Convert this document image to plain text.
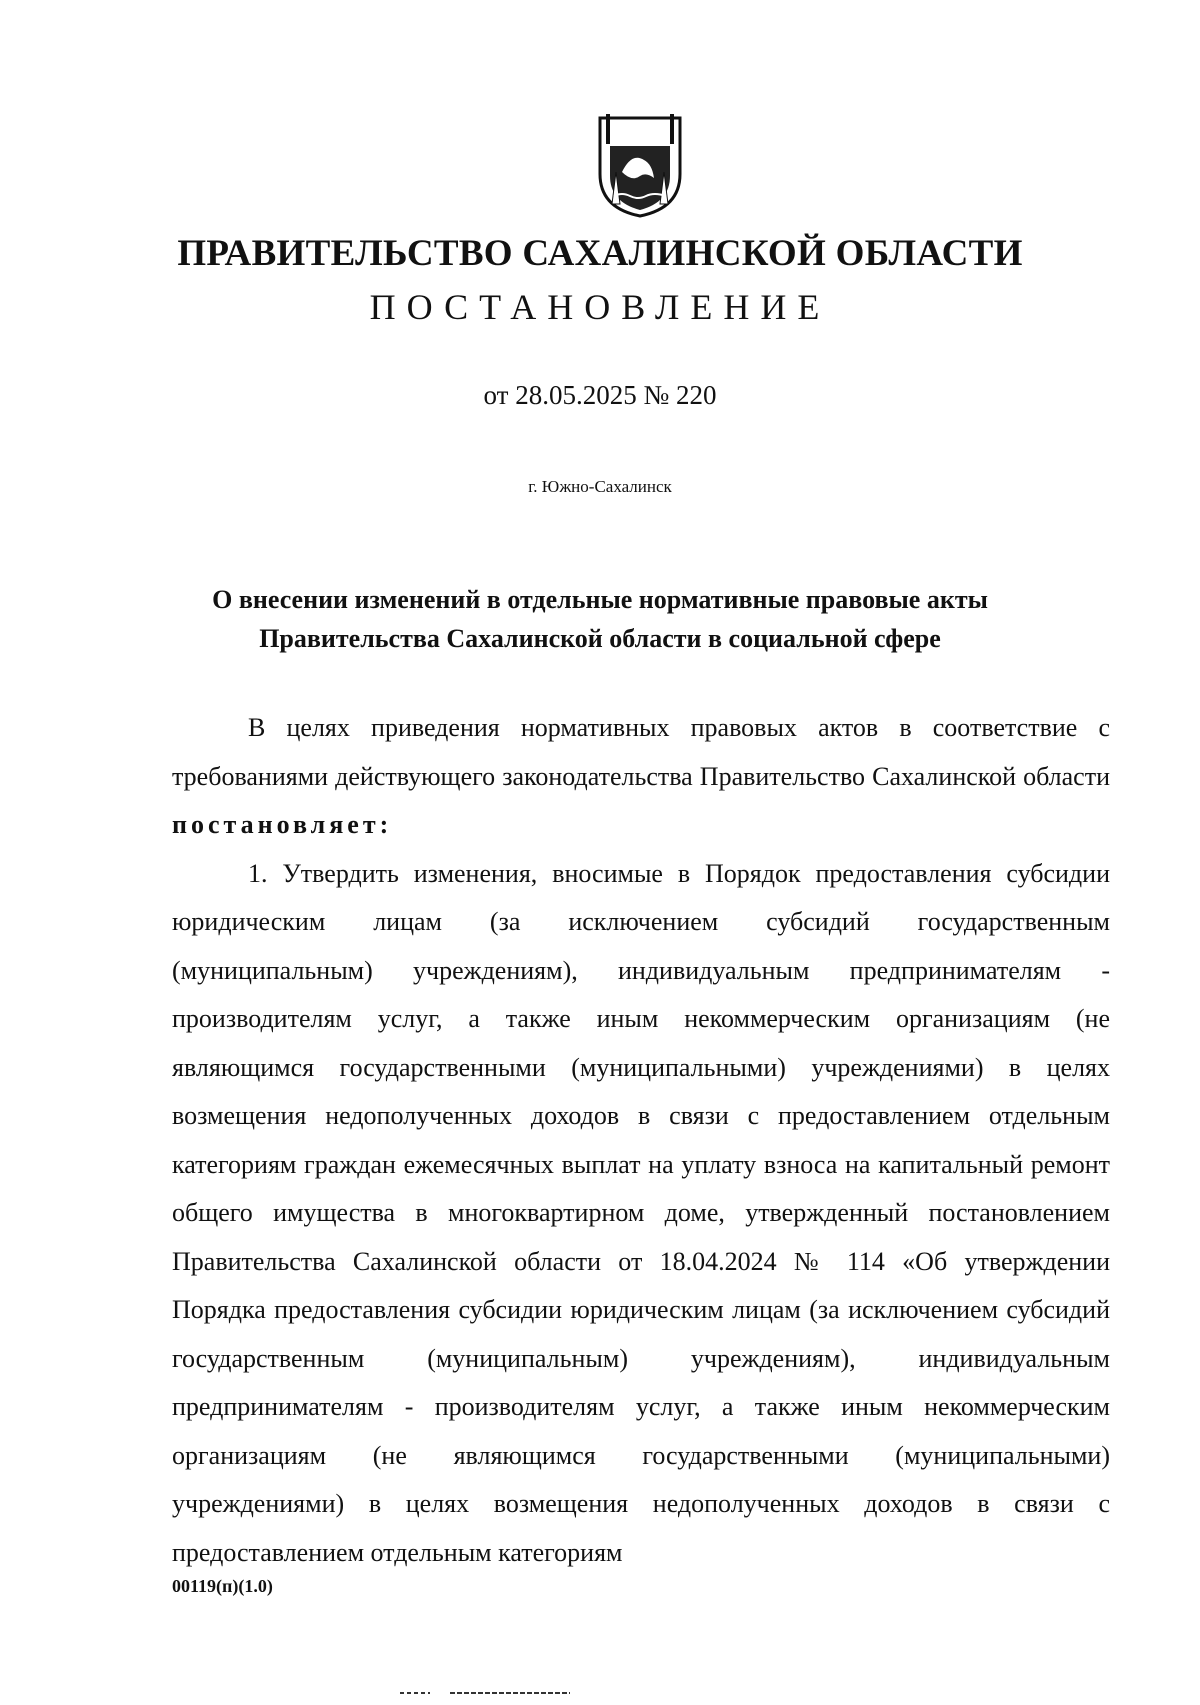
ПРАВИТЕЛЬСТВО САХАЛИНСКОЙ ОБЛАСТИ
ПОСТАНОВЛЕНИЕ
от 28.05.2025 № 220
г. Южно-Сахалинск
О внесении изменений в отдельные нормативные правовые акты
Правительства Сахалинской области в социальной сфере

В целях приведения нормативных правовых актов в соответствие с требованиями действующего законодательства Правительство Сахалинской области постановляет:

1. Утвердить изменения, вносимые в Порядок предоставления субсидии юридическим лицам (за исключением субсидий государственным (муниципальным) учреждениям), индивидуальным предпринимателям - производителям услуг, а также иным некоммерческим организациям (не являющимся государственными (муниципальными) учреждениями) в целях возмещения недополученных доходов в связи с предоставлением отдельным категориям граждан ежемесячных выплат на уплату взноса на капитальный ремонт общего имущества в многоквартирном доме, утвержденный постановлением Правительства Сахалинской области от 18.04.2024 № 114 «Об утверждении Порядка предоставления субсидии юридическим лицам (за исключением субсидий государственным (муниципальным) учреждениям), индивидуальным предпринимателям - производителям услуг, а также иным некоммерческим организациям (не являющимся государственными (муниципальными) учреждениями) в целях возмещения недополученных доходов в связи с предоставлением отдельным категориям

00119(п)(1.0)
